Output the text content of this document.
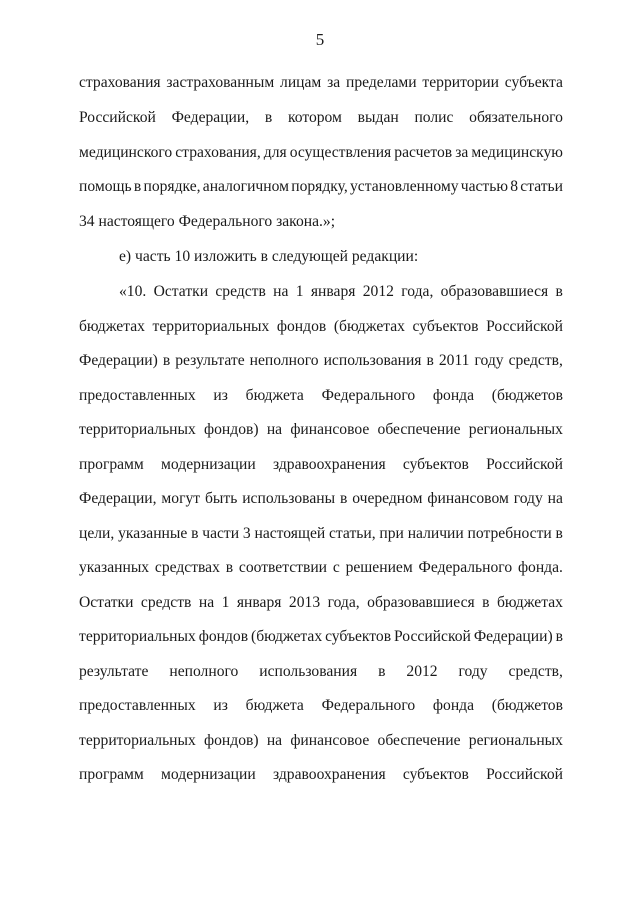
5
страхования застрахованным лицам за пределами территории субъекта
Российской Федерации, в котором выдан полис обязательного
медицинского страхования, для осуществления расчетов за медицинскую
помощь в порядке, аналогичном порядку, установленному частью 8 статьи
34 настоящего Федерального закона.»;
е) часть 10 изложить в следующей редакции:
«10. Остатки средств на 1 января 2012 года, образовавшиеся в
бюджетах территориальных фондов (бюджетах субъектов Российской
Федерации) в результате неполного использования в 2011 году средств,
предоставленных из бюджета Федерального фонда (бюджетов
территориальных фондов) на финансовое обеспечение региональных
программ модернизации здравоохранения субъектов Российской
Федерации, могут быть использованы в очередном финансовом году на
цели, указанные в части 3 настоящей статьи, при наличии потребности в
указанных средствах в соответствии с решением Федерального фонда.
Остатки средств на 1 января 2013 года, образовавшиеся в бюджетах
территориальных фондов (бюджетах субъектов Российской Федерации) в
результате неполного использования в 2012 году средств,
предоставленных из бюджета Федерального фонда (бюджетов
территориальных фондов) на финансовое обеспечение региональных
программ модернизации здравоохранения субъектов Российской
